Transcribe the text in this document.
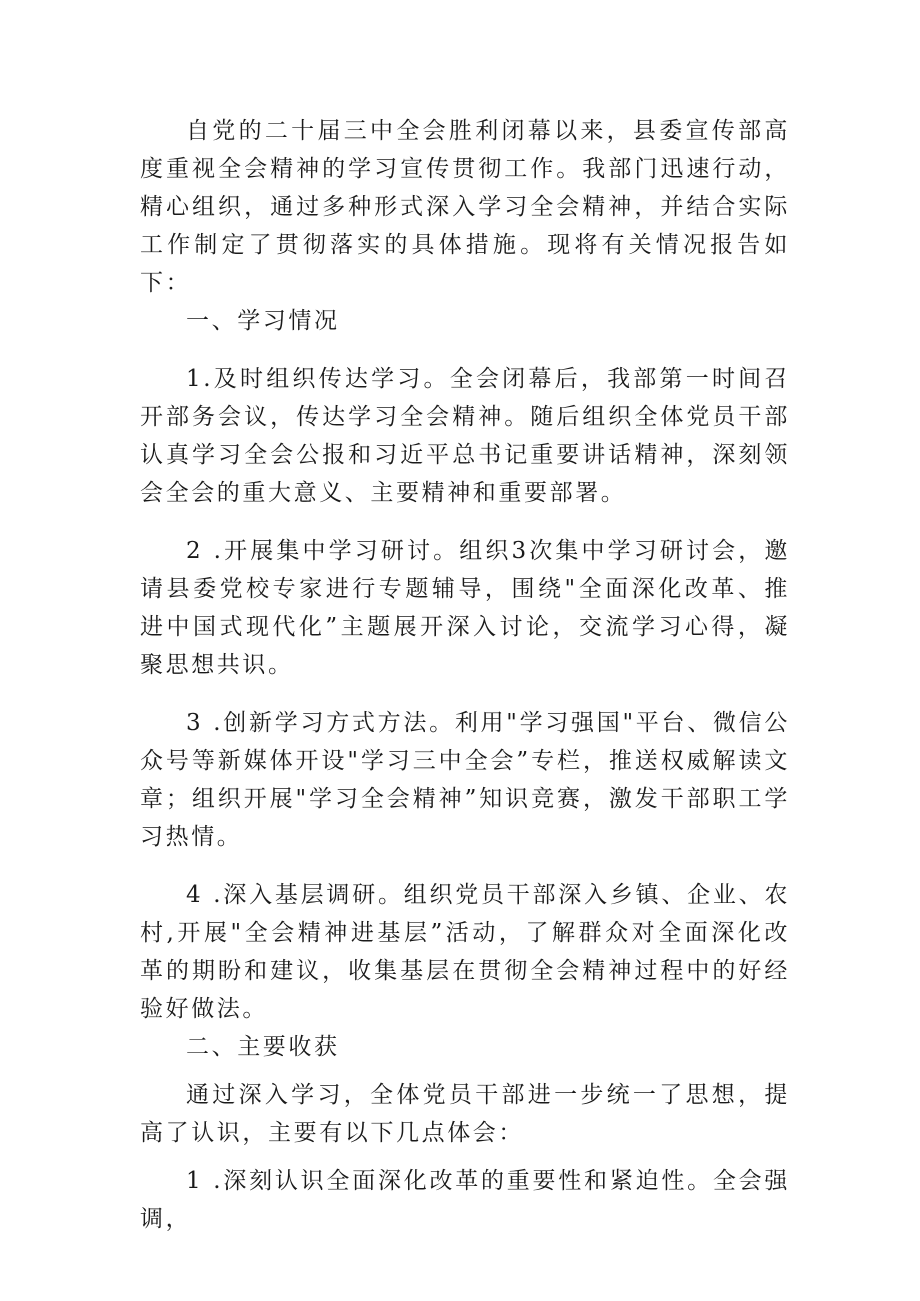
自党的二十届三中全会胜利闭幕以来，县委宣传部高度重视全会精神的学习宣传贯彻工作。我部门迅速行动，精心组织，通过多种形式深入学习全会精神，并结合实际工作制定了贯彻落实的具体措施。现将有关情况报告如下：

一、学习情况

1.及时组织传达学习。全会闭幕后，我部第一时间召开部务会议，传达学习全会精神。随后组织全体党员干部认真学习全会公报和习近平总书记重要讲话精神，深刻领会全会的重大意义、主要精神和重要部署。

2 .开展集中学习研讨。组织3次集中学习研讨会，邀请县委党校专家进行专题辅导，围绕"全面深化改革、推进中国式现代化”主题展开深入讨论，交流学习心得，凝聚思想共识。

3 .创新学习方式方法。利用"学习强国"平台、微信公众号等新媒体开设"学习三中全会”专栏，推送权威解读文章；组织开展"学习全会精神”知识竞赛，激发干部职工学习热情。

4 .深入基层调研。组织党员干部深入乡镇、企业、农村,开展"全会精神进基层”活动，了解群众对全面深化改革的期盼和建议，收集基层在贯彻全会精神过程中的好经验好做法。

二、主要收获

通过深入学习，全体党员干部进一步统一了思想，提高了认识，主要有以下几点体会：

1 .深刻认识全面深化改革的重要性和紧迫性。全会强调，
